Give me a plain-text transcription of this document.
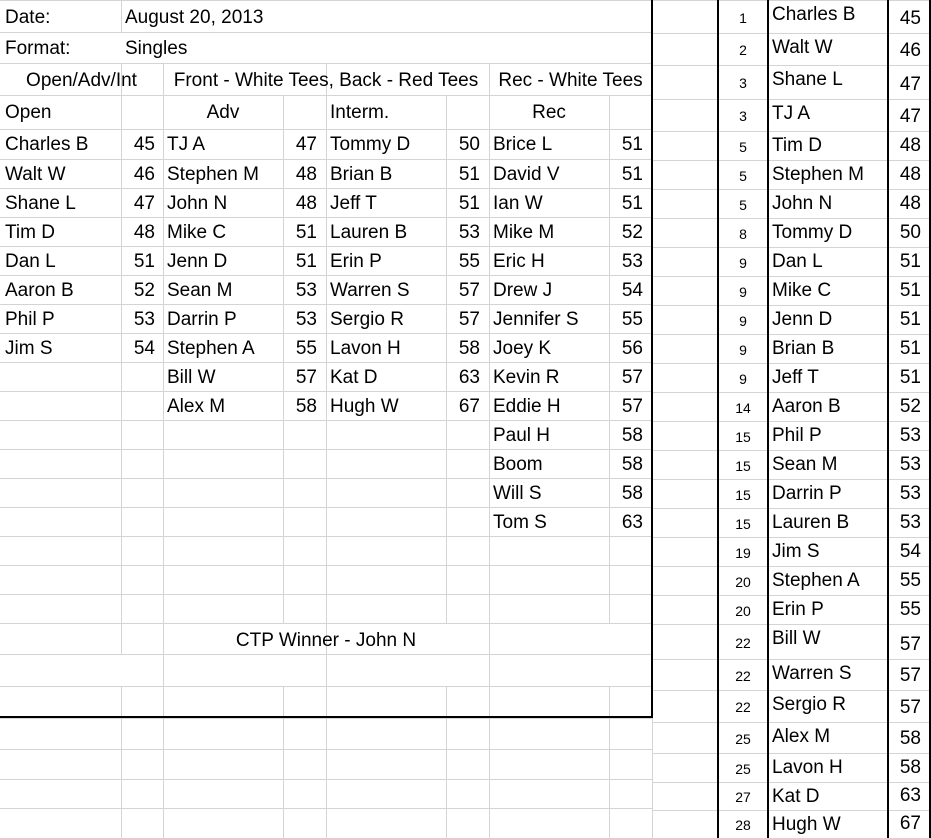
Date:	August 20, 2013
Format:	Singles
Open/Adv/Int	Front - White Tees, Back - Red Tees	Rec - White Tees
Open	Adv	Interm.	Rec
Charles B	45
Walt W	46
Shane L	47
Tim D	48
Dan L	51
Aaron B	52
Phil P	53
Jim S	54
TJ A	47
Stephen M	48
John N	48
Mike C	51
Jenn D	51
Sean M	53
Darrin P	53
Stephen A	55
Bill W	57
Alex M	58
Tommy D	50
Brian B	51
Jeff T	51
Lauren B	53
Erin P	55
Warren S	57
Sergio R	57
Lavon H	58
Kat D	63
Hugh W	67
Brice L	51
David V	51
Ian W	51
Mike M	52
Eric H	53
Drew J	54
Jennifer S	55
Joey K	56
Kevin R	57
Eddie H	57
Paul H	58
Boom	58
Will S	58
Tom S	63
CTP Winner - John N
1	Charles B	45
2	Walt W	46
3	Shane L	47
3	TJ A	47
5	Tim D	48
5	Stephen M	48
5	John N	48
8	Tommy D	50
9	Dan L	51
9	Mike C	51
9	Jenn D	51
9	Brian B	51
9	Jeff T	51
14	Aaron B	52
15	Phil P	53
15	Sean M	53
15	Darrin P	53
15	Lauren B	53
19	Jim S	54
20	Stephen A	55
20	Erin P	55
22	Bill W	57
22	Warren S	57
22	Sergio R	57
25	Alex M	58
25	Lavon H	58
27	Kat D	63
28	Hugh W	67
